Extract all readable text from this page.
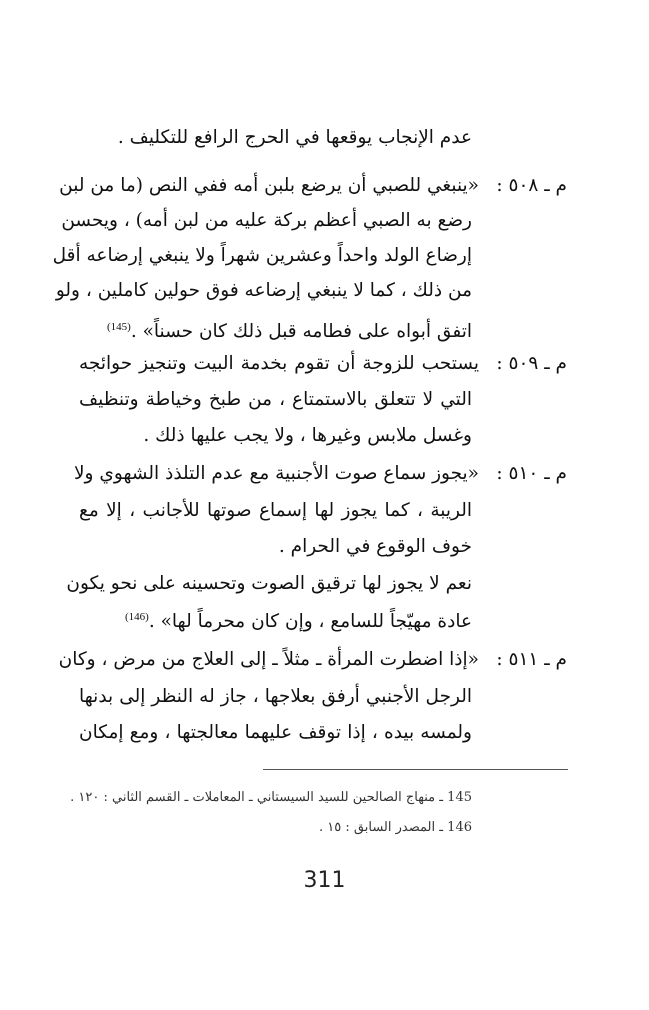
عدم الإنجاب يوقعها في الحرج الرافع للتكليف .
م ـ ٥٠٨ :
«ينبغي للصبي أن يرضع بلبن أمه ففي النص (ما من لبن
رضع به الصبي أعظم بركة عليه من لبن أمه) ، ويحسن
إرضاع الولد واحداً وعشرين شهراً ولا ينبغي إرضاعه أقل
من ذلك ، كما لا ينبغي إرضاعه فوق حولين كاملين ، ولو
اتفق أبواه على فطامه قبل ذلك كان حسناً» .$^{(145)}$
م ـ ٥٠٩ :
يستحب للزوجة أن تقوم بخدمة البيت وتنجيز حوائجه
التي لا تتعلق بالاستمتاع ، من طبخ وخياطة وتنظيف
وغسل ملابس وغيرها ، ولا يجب عليها ذلك .
م ـ ٥١٠ :
«يجوز سماع صوت الأجنبية مع عدم التلذذ الشهوي ولا
الريبة ، كما يجوز لها إسماع صوتها للأجانب ، إلا مع
خوف الوقوع في الحرام .
نعم لا يجوز لها ترقيق الصوت وتحسينه على نحو يكون
عادة مهيّجاً للسامع ، وإن كان محرماً لها» .$^{(146)}$
م ـ ٥١١ :
«إذا اضطرت المرأة ـ مثلاً ـ إلى العلاج من مرض ، وكان
الرجل الأجنبي أرفق بعلاجها ، جاز له النظر إلى بدنها
ولمسه بيده ، إذا توقف عليهما معالجتها ، ومع إمكان
145 ـ منهاج الصالحين للسيد السيستاني ـ المعاملات ـ القسم الثاني : ١٢٠ .
146 ـ المصدر السابق : ١٥ .
311
